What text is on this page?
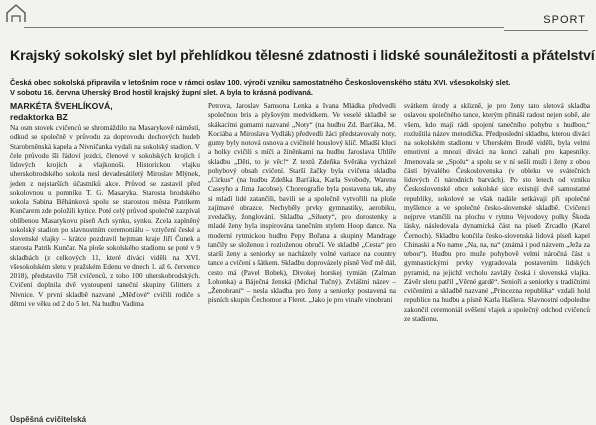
SPORT
Krajský sokolský slet byl přehlídkou tělesné zdatnosti i lidské sounáležitosti a přátelství
Česká obec sokolská připravila v letošním roce v rámci oslav 100. výročí vzniku samostatného Československého státu XVI. všesokolský slet.
V sobotu 16. června Uherský Brod hostil krajský župní slet. A byla to krásná podívaná.
MARKÉTA ŠVEHLÍKOVÁ,
redaktorka BZ

Na osm stovek cvičenců se shromáždilo na Masarykově náměstí, odkud se společně v průvodu za doprovodu dechových hudeb Starobrněnská kapela a Nivničanka vydali na sokolský stadion. V čele průvodu šli řádoví jezdci, členové v sokolských krojích i lidových krojích a vlajkonoši. Historickou vlajku uherskobrodského sokola nesl devadesátiletý Miroslav Mlýnek, jeden z nejstarších účastníků akce. Průvod se zastavil před sokolovnou u pomníku T. G. Masaryka. Starosta brodského sokola Sabina Běhánková spolu se starostou města Patrikem Kunčarem zde položili kytice. Poté celý průvod společně zazpíval oblíbenou Masarykovu píseň Ach synku, synku. Zcela zaplněný sokolský stadion po slavnostním ceremoniálu – vztyčení české a slovenské vlajky – krátce pozdravil hejtman kraje Jiří Čunek a starosta Patrik Kunčar. Na ploše sokolského stadionu se poté v 9 skladbách (z celkových 11, které diváci viděli na XVI. všesokolském sletu v pražském Edenu ve dnech 1. až 6. července 2018), představilo 758 cvičenců, z toho 100 uherskobrodských. Cvičení doplnila dvě vystoupení taneční skupiny Glitters z Nivnice. V první skladbě nazvané „Měďové“ cvičili rodiče s dětmi ve věku od 2 do 5 let. Na hudbu Vadima

Petrova, Jaroslav Samsona Lenka a Ivana Mládka předvedli společnou bris a plyšovým medvídkem. Ve veselé skladbě se skákacími gumami nazvané „Noty“ (na hudbu Zd. Barťáka, M. Kociába a Miroslava Vydlák) předvedli žáci představovaly noty, gumy byly notová osnova a cvičitelé houslový klíč. Mladší kluci a holky cvičili s míči a žíněnkami na hudbu Jaroslava Uhlíře skladbu „Děti, to je věc!“ Z textů Zdeňka Svěráka vycházel pohybový obsah cvičení. Starší žačky byla cvičena skladba „Cirkus“ (na hudbu Zdeňka Barťáka, Karla Svobody, Warena Caseyho a Jima Jacobse). Choreografie byla postavena tak, aby si mladí lidé zatančili, bavili se a společně vytvořili na ploše zajímavé obrazce. Nechyběly prvky gymnastiky, aerobiku, zvedačky, žonglování. Skladba „Siluety“, pro dorostenky a mladé ženy byla inspirována tanečním stylem Hoop dance. Na moderní rytmickou hudbu Pepy Bořana a skupiny Mandrage tančily se složenou i rozloženou obručí. Ve skladbě „Cesta“ pro starší ženy a seniorky se nacházely volné variace na country tance a cvičení s šátkem. Skladbu doprovázely písně Veď mě dál, cesto má (Pavel Bobek), Divokej horskej tymián (Zalman Lohonka) a Báječná ženská (Michal Tučný). Zvláštní název – „Ženobraní“ – nesla skladba pro ženy a seniorky postavená na písních skupin Čechomor a Fleret. „Jako je pro vinaře vinobraní

svátkem úrody a sklizně, je pro ženy tato sletová skladba oslavou společného tance, kterým přináší radost nejen sobě, ale všem, kdo mají rádi spojení tanečního pohybu s hudbou,“ rozluštila název metodička. Předposlední skladbu, kterou diváci na sokolském stadionu v Uherském Brodě viděli, byla velmi emotivní a mnozí diváci na konci zahali pro kapesníky. Jmenovala se „Spolu“ a spolu se v ní sešli muži i ženy z obou částí bývalého Československa (v obleku ve svátečních lidových či národních barvách). Po sto letech od vzniku Československé obce sokolské sice existují dvě samostatné republiky, sokolové se však nadále setkávají při společné myšlence a ve společné česko-slovenské skladbě. Cvičenci nejprve vtančili na plochu v rytmu Vejvodovy polky Škoda lásky, následovala dynamická část na píseň Zrcadlo (Karel Černoch). Skladbu končila česko-slovenská lidová píseň kapel Chinaski a No name „Na, na, na“ (známá i pod názvem „Ježa za tebou“). Hudbu pro muže pohybově velmi náročná část s gymnastickými prvky vygradovala postavením lidských pyramid, na jejichž vrcholu zavlály česká i slovenská vlajka. Závěr sletu patřil „Věrné gardě“. Senioři a seniorky s tradičními cvičeními a skladbě nazvané „Princezna republika“ vzdali hold republice na hudbu a písně Karla Hašlera. Slavnostní odpoledne zakončil ceremoniál svěšení vlajek a společný odchod cvičenců ze stadionu.

Úspěšná cvičitelská
